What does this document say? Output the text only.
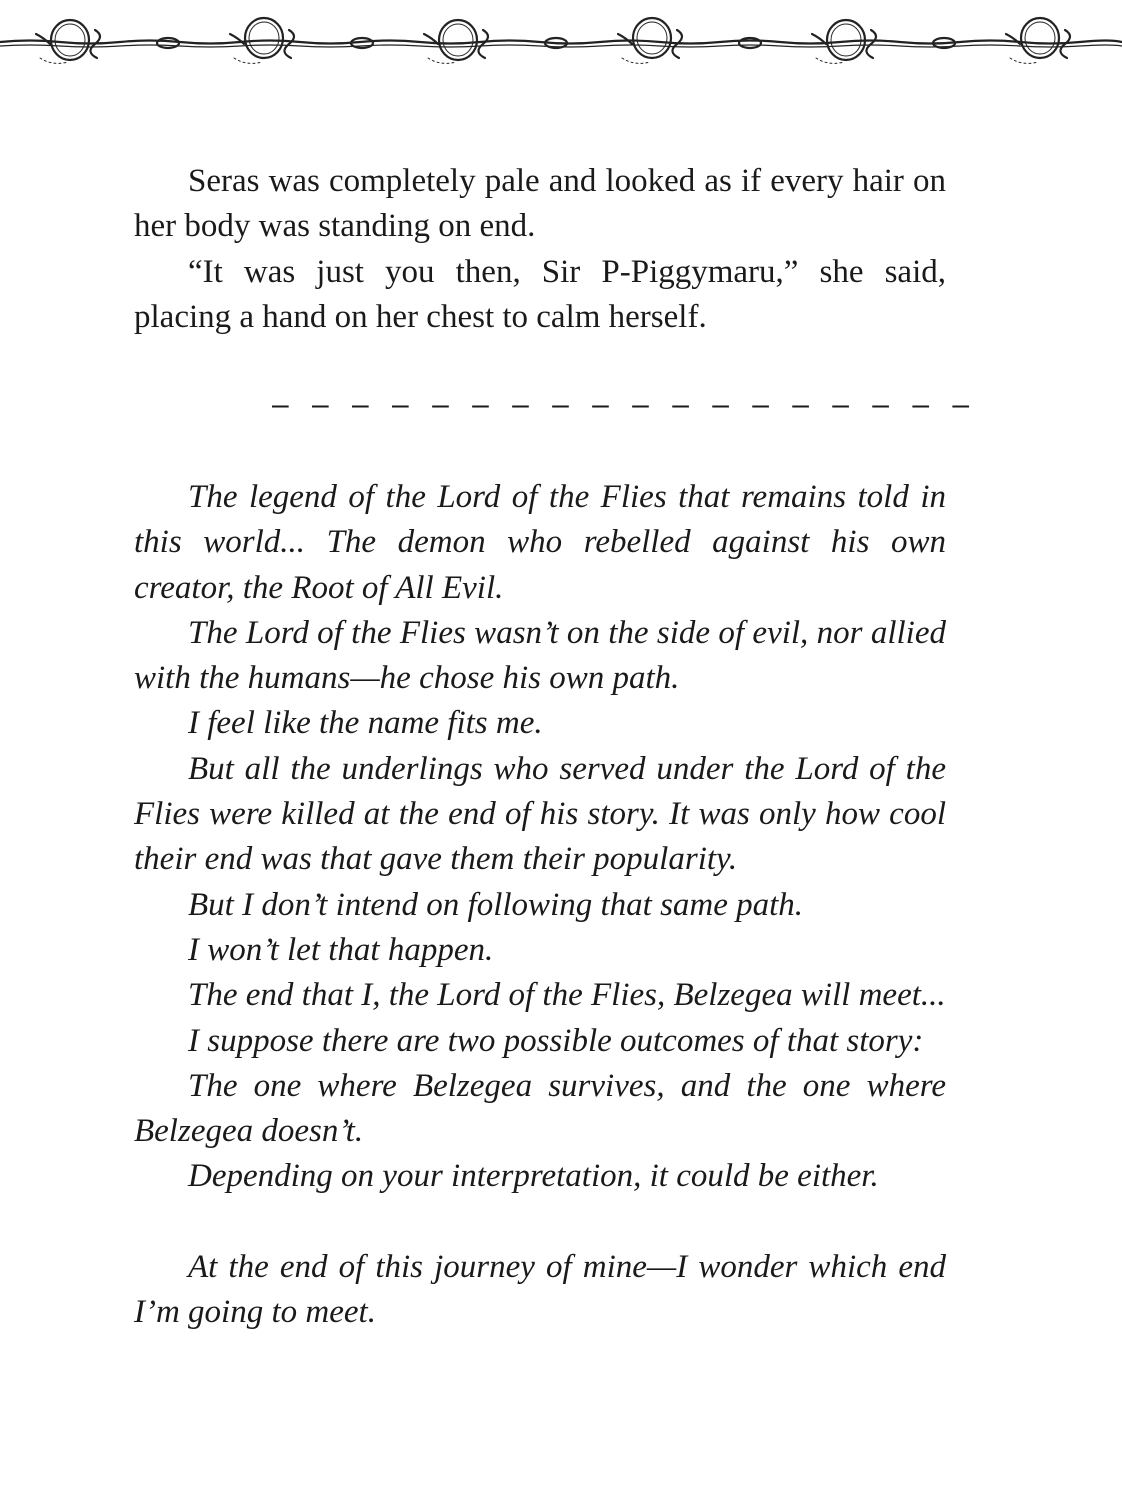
Seras was completely pale and looked as if every hair on her body was standing on end.

“It was just you then, Sir P-Piggymaru,” she said, placing a hand on her chest to calm herself.

– – – – – – – – – – – – – – – – – –

The legend of the Lord of the Flies that remains told in this world... The demon who rebelled against his own creator, the Root of All Evil.

The Lord of the Flies wasn’t on the side of evil, nor allied with the humans—he chose his own path.

I feel like the name fits me.

But all the underlings who served under the Lord of the Flies were killed at the end of his story. It was only how cool their end was that gave them their popularity.

But I don’t intend on following that same path.

I won’t let that happen.

The end that I, the Lord of the Flies, Belzegea will meet...

I suppose there are two possible outcomes of that story:

The one where Belzegea survives, and the one where Belzegea doesn’t.

Depending on your interpretation, it could be either.

At the end of this journey of mine—I wonder which end I’m going to meet.
